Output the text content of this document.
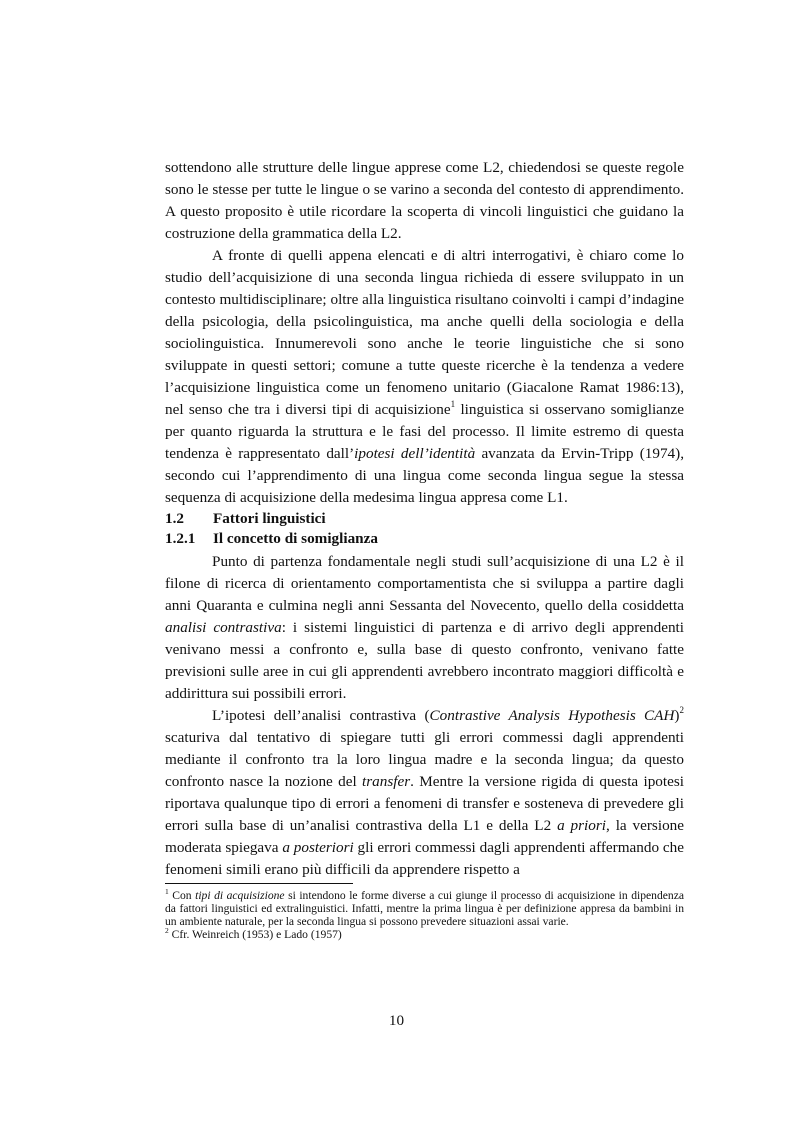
sottendono alle strutture delle lingue apprese come L2, chiedendosi se queste regole sono le stesse per tutte le lingue o se varino a seconda del contesto di apprendimento. A questo proposito è utile ricordare la scoperta di vincoli linguistici che guidano la costruzione della grammatica della L2.

A fronte di quelli appena elencati e di altri interrogativi, è chiaro come lo studio dell’acquisizione di una seconda lingua richieda di essere sviluppato in un contesto multidisciplinare; oltre alla linguistica risultano coinvolti i campi d’indagine della psicologia, della psicolinguistica, ma anche quelli della sociologia e della sociolinguistica. Innumerevoli sono anche le teorie linguistiche che si sono sviluppate in questi settori; comune a tutte queste ricerche è la tendenza a vedere l’acquisizione linguistica come un fenomeno unitario (Giacalone Ramat 1986:13), nel senso che tra i diversi tipi di acquisizione$^1$ linguistica si osservano somiglianze per quanto riguarda la struttura e le fasi del processo. Il limite estremo di questa tendenza è rappresentato dall’ipotesi dell’identità avanzata da Ervin-Tripp (1974), secondo cui l’apprendimento di una lingua come seconda lingua segue la stessa sequenza di acquisizione della medesima lingua appresa come L1.

1.2	Fattori linguistici

1.2.1	Il concetto di somiglianza

Punto di partenza fondamentale negli studi sull’acquisizione di una L2 è il filone di ricerca di orientamento comportamentista che si sviluppa a partire dagli anni Quaranta e culmina negli anni Sessanta del Novecento, quello della cosiddetta analisi contrastiva: i sistemi linguistici di partenza e di arrivo degli apprendenti venivano messi a confronto e, sulla base di questo confronto, venivano fatte previsioni sulle aree in cui gli apprendenti avrebbero incontrato maggiori difficoltà e addirittura sui possibili errori.

L’ipotesi dell’analisi contrastiva (Contrastive Analysis Hypothesis CAH)$^2$ scaturiva dal tentativo di spiegare tutti gli errori commessi dagli apprendenti mediante il confronto tra la loro lingua madre e la seconda lingua; da questo confronto nasce la nozione del transfer. Mentre la versione rigida di questa ipotesi riportava qualunque tipo di errori a fenomeni di transfer e sosteneva di prevedere gli errori sulla base di un’analisi contrastiva della L1 e della L2 a priori, la versione moderata spiegava a posteriori gli errori commessi dagli apprendenti affermando che fenomeni simili erano più difficili da apprendere rispetto a

$^1$ Con tipi di acquisizione si intendono le forme diverse a cui giunge il processo di acquisizione in dipendenza da fattori linguistici ed extralinguistici. Infatti, mentre la prima lingua è per definizione appresa da bambini in un ambiente naturale, per la seconda lingua si possono prevedere situazioni assai varie.

$^2$ Cfr. Weinreich (1953) e Lado (1957)

10
